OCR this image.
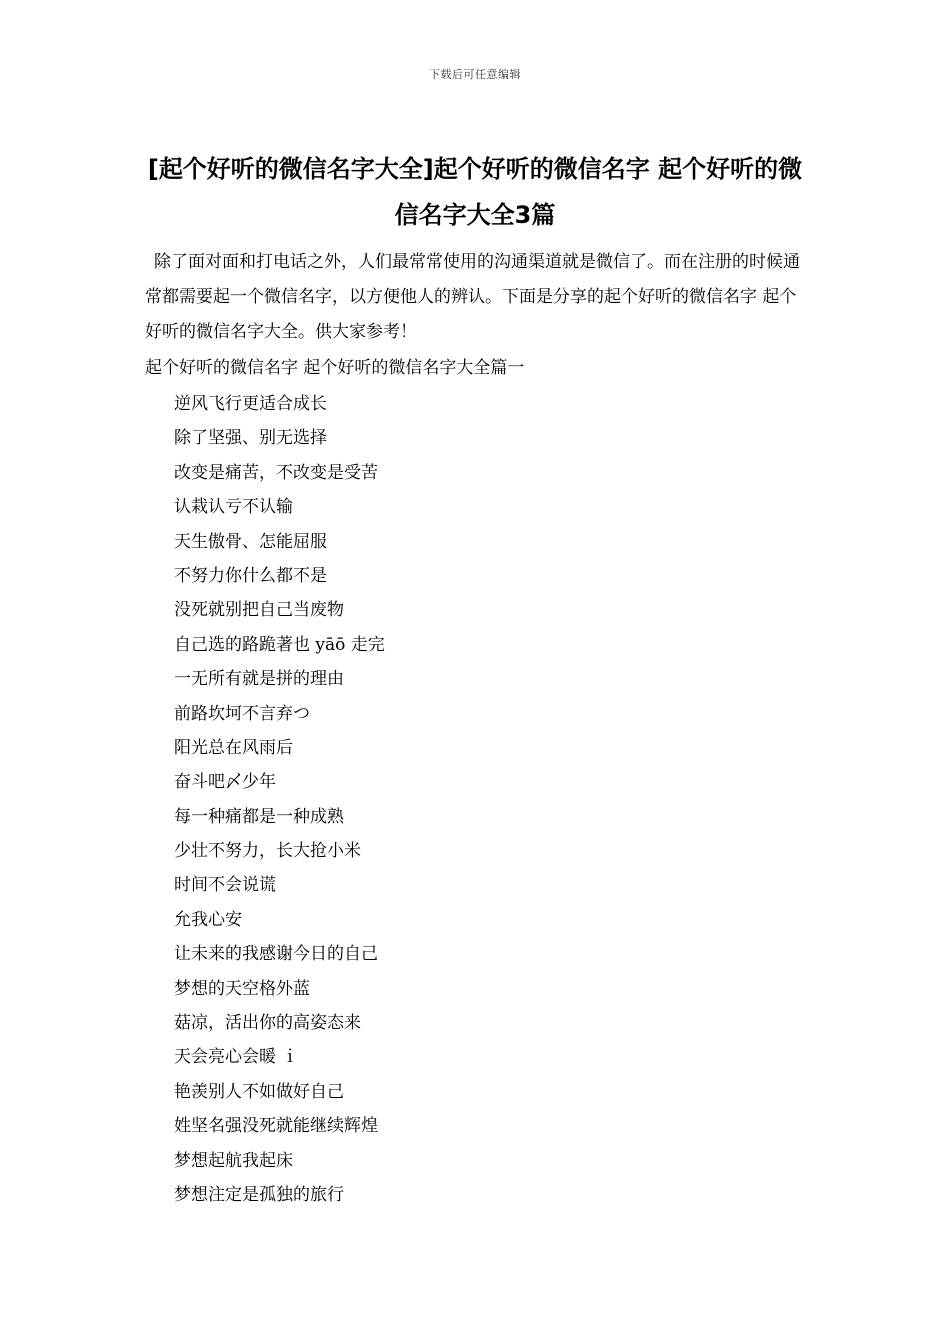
下载后可任意编辑
[起个好听的微信名字大全]起个好听的微信名字 起个好听的微信名字大全3篇

除了面对面和打电话之外，人们最常常使用的沟通渠道就是微信了。而在注册的时候通常都需要起一个微信名字，以方便他人的辨认。下面是分享的起个好听的微信名字 起个好听的微信名字大全。供大家参考！

起个好听的微信名字 起个好听的微信名字大全篇一

逆风飞行更适合成长
除了坚强、别无选择
改变是痛苦，不改变是受苦
认栽认亏不认输
天生傲骨、怎能屈服
不努力你什么都不是
没死就别把自己当废物
自己选的路跪著也 yāō 走完
一无所有就是拼的理由
前路坎坷不言弃つ
阳光总在风雨后
奋斗吧〆少年
每一种痛都是一种成熟
少壮不努力，长大抢小米
时间不会说谎
允我心安
让未来的我感谢今日的自己
梦想的天空格外蓝
菇凉，活出你的高姿态来
天会亮心会暖 ｉ
艳羡别人不如做好自己
姓坚名强没死就能继续辉煌
梦想起航我起床
梦想注定是孤独的旅行
